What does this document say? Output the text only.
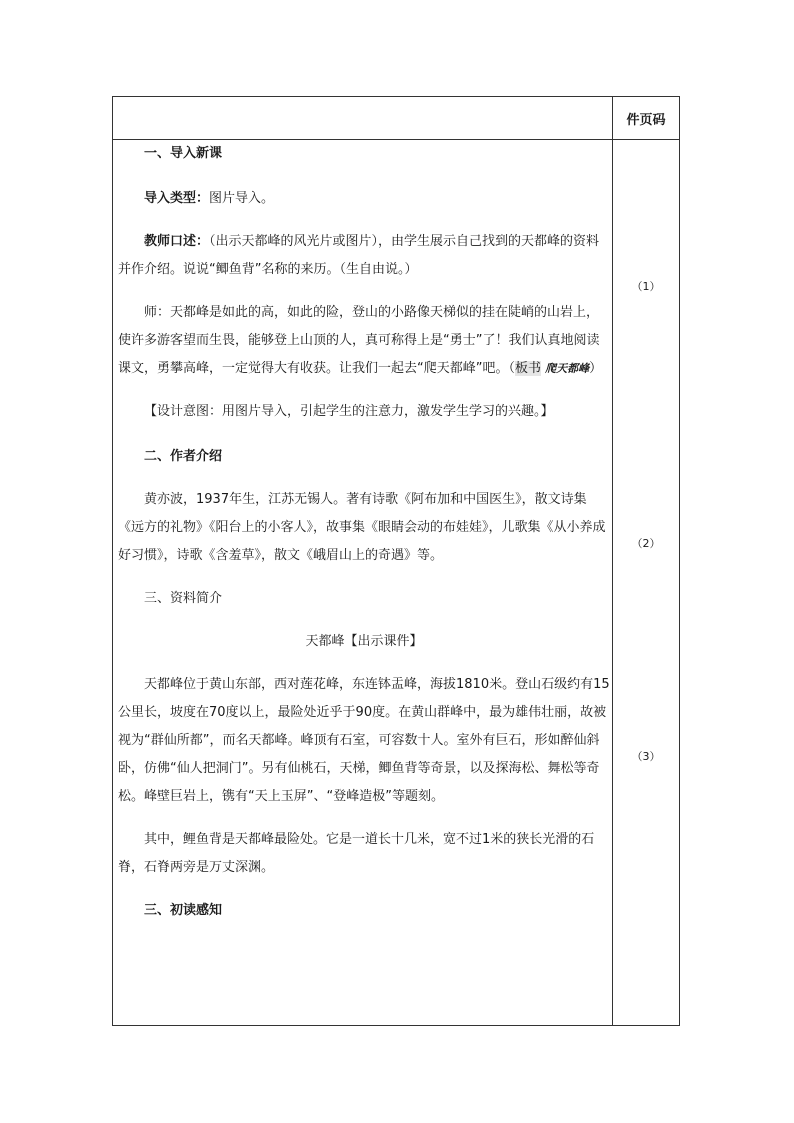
件页码
（1）
（2）
（3）

一、导入新课

导入类型：图片导入。

教师口述：（出示天都峰的风光片或图片），由学生展示自己找到的天都峰的资料并作介绍。说说“鲫鱼背”名称的来历。（生自由说。）

师：天都峰是如此的高，如此的险，登山的小路像天梯似的挂在陡峭的山岩上，使许多游客望而生畏，能够登上山顶的人，真可称得上是“勇士”了！我们认真地阅读课文，勇攀高峰，一定觉得大有收获。让我们一起去“爬天都峰”吧。（板书 爬天都峰）

【设计意图：用图片导入，引起学生的注意力，激发学生学习的兴趣。】

二、作者介绍

黄亦波，1937年生，江苏无锡人。著有诗歌《阿布加和中国医生》，散文诗集《远方的礼物》《阳台上的小客人》，故事集《眼睛会动的布娃娃》，儿歌集《从小养成好习惯》，诗歌《含羞草》，散文《峨眉山上的奇遇》等。

三、资料简介

天都峰【出示课件】

天都峰位于黄山东部，西对莲花峰，东连钵盂峰，海拔1810米。登山石级约有15公里长，坡度在70度以上，最险处近乎于90度。在黄山群峰中，最为雄伟壮丽，故被视为“群仙所都”，而名天都峰。峰顶有石室，可容数十人。室外有巨石，形如醉仙斜卧，仿佛“仙人把洞门”。另有仙桃石，天梯，鲫鱼背等奇景，以及探海松、舞松等奇松。峰壁巨岩上，镌有“天上玉屏”、“登峰造极”等题刻。

其中，鲤鱼背是天都峰最险处。它是一道长十几米，宽不过1米的狭长光滑的石脊，石脊两旁是万丈深渊。

三、初读感知
